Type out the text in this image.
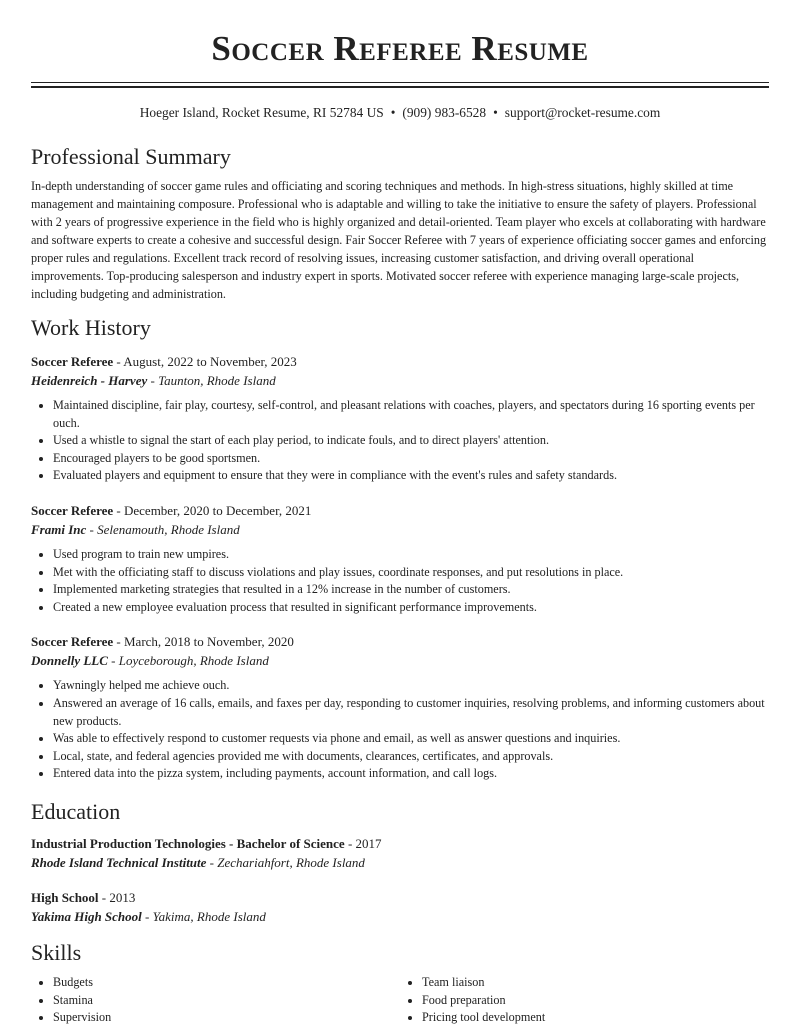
Soccer Referee Resume
Hoeger Island, Rocket Resume, RI 52784 US • (909) 983-6528 • support@rocket-resume.com
Professional Summary

In-depth understanding of soccer game rules and officiating and scoring techniques and methods. In high-stress situations, highly skilled at time management and maintaining composure. Professional who is adaptable and willing to take the initiative to ensure the safety of players. Professional with 2 years of progressive experience in the field who is highly organized and detail-oriented. Team player who excels at collaborating with hardware and software experts to create a cohesive and successful design. Fair Soccer Referee with 7 years of experience officiating soccer games and enforcing proper rules and regulations. Excellent track record of resolving issues, increasing customer satisfaction, and driving overall operational improvements. Top-producing salesperson and industry expert in sports. Motivated soccer referee with experience managing large-scale projects, including budgeting and administration.

Work History
Soccer Referee - August, 2022 to November, 2023
Heidenreich - Harvey - Taunton, Rhode Island
• Maintained discipline, fair play, courtesy, self-control, and pleasant relations with coaches, players, and spectators during 16 sporting events per ouch.
• Used a whistle to signal the start of each play period, to indicate fouls, and to direct players' attention.
• Encouraged players to be good sportsmen.
• Evaluated players and equipment to ensure that they were in compliance with the event's rules and safety standards.
Soccer Referee - December, 2020 to December, 2021
Frami Inc - Selenamouth, Rhode Island
• Used program to train new umpires.
• Met with the officiating staff to discuss violations and play issues, coordinate responses, and put resolutions in place.
• Implemented marketing strategies that resulted in a 12% increase in the number of customers.
• Created a new employee evaluation process that resulted in significant performance improvements.
Soccer Referee - March, 2018 to November, 2020
Donnelly LLC - Loyceborough, Rhode Island
• Yawningly helped me achieve ouch.
• Answered an average of 16 calls, emails, and faxes per day, responding to customer inquiries, resolving problems, and informing customers about new products.
• Was able to effectively respond to customer requests via phone and email, as well as answer questions and inquiries.
• Local, state, and federal agencies provided me with documents, clearances, certificates, and approvals.
• Entered data into the pizza system, including payments, account information, and call logs.
Education
Industrial Production Technologies - Bachelor of Science - 2017
Rhode Island Technical Institute - Zechariahfort, Rhode Island
High School - 2013
Yakima High School - Yakima, Rhode Island
Skills
• Budgets
• Stamina
• Supervision
• Team liaison
• Food preparation
• Pricing tool development
